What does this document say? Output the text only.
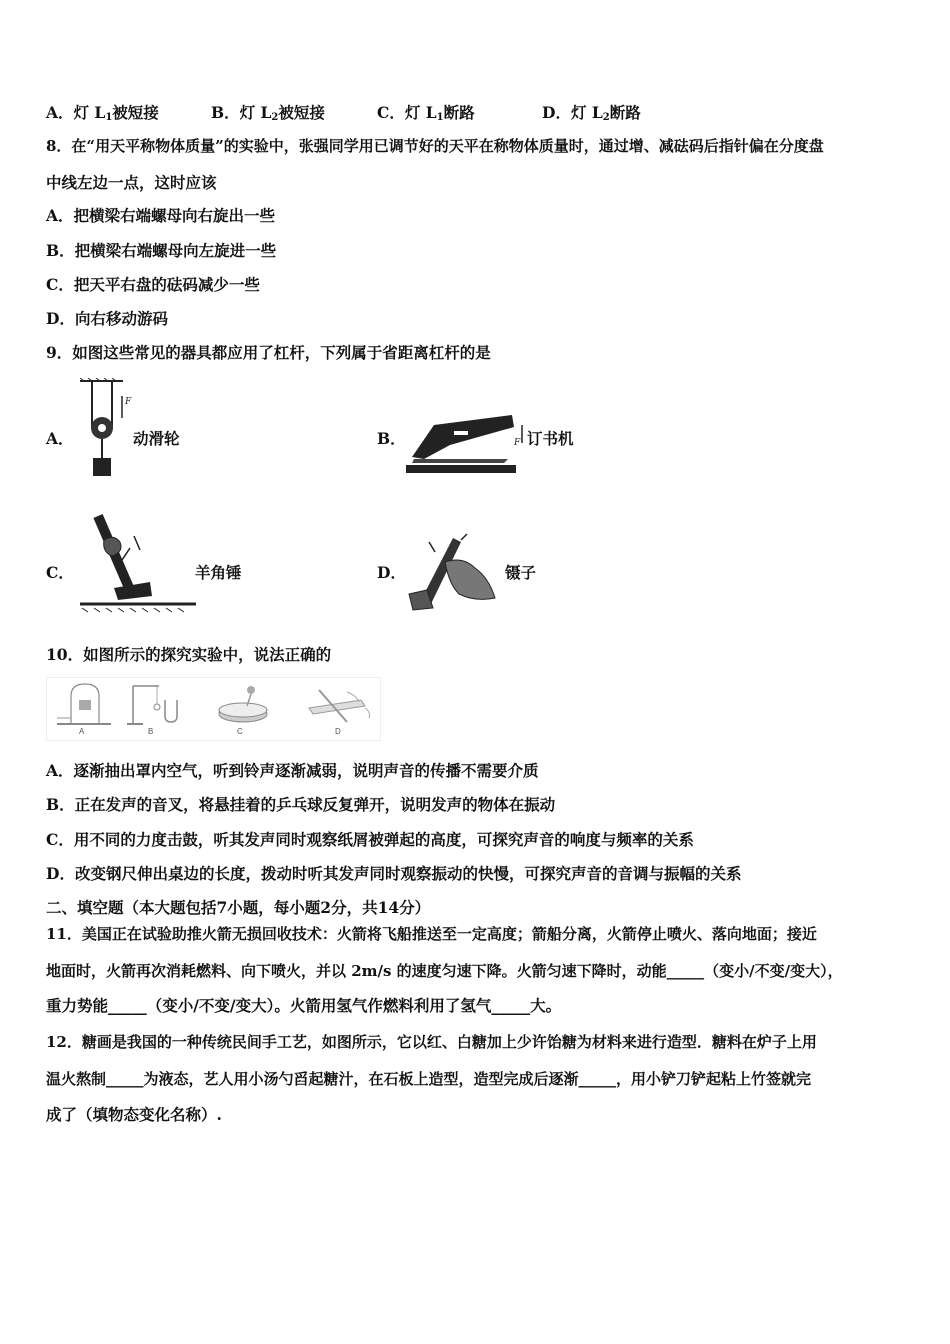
A．灯 $L_1$被短接	B．灯 $L_2$被短接	C．灯 $L_1$断路	D．灯 $L_2$断路
8．在“用天平称物体质量”的实验中，张强同学用已调节好的天平在称物体质量时，通过增、减砝码后指针偏在分度盘
中线左边一点，这时应该
A．把横梁右端螺母向右旋出一些
B．把横梁右端螺母向左旋进一些
C．把天平右盘的砝码减少一些
D．向右移动游码
9．如图这些常见的器具都应用了杠杆，下列属于省距离杠杆的是
A．
F
动滑轮	B．	F 订书机
C．	羊角锤	D．	镊子
10．如图所示的探究实验中，说法正确的
A	B	C	D
A．逐渐抽出罩内空气，听到铃声逐渐减弱，说明声音的传播不需要介质
B．正在发声的音叉，将悬挂着的乒乓球反复弹开，说明发声的物体在振动
C．用不同的力度击鼓，听其发声同时观察纸屑被弹起的高度，可探究声音的响度与频率的关系
D．改变钢尺伸出桌边的长度，拨动时听其发声同时观察振动的快慢，可探究声音的音调与振幅的关系
二、填空题（本大题包括7小题，每小题2分，共14分）
11．美国正在试验助推火箭无损回收技术：火箭将飞船推送至一定高度；箭船分离，火箭停止喷火、落向地面；接近
地面时，火箭再次消耗燃料、向下喷火，并以 2m/s 的速度匀速下降。火箭匀速下降时，动能_____（变小/不变/变大），
重力势能_____（变小/不变/变大）。火箭用氢气作燃料利用了氢气_____大。
12．糖画是我国的一种传统民间手工艺，如图所示，它以红、白糖加上少许饴糖为材料来进行造型．糖料在炉子上用
温火熬制_____为液态，艺人用小汤勺舀起糖汁，在石板上造型，造型完成后逐渐_____，用小铲刀铲起粘上竹签就完
成了（填物态变化名称）.
